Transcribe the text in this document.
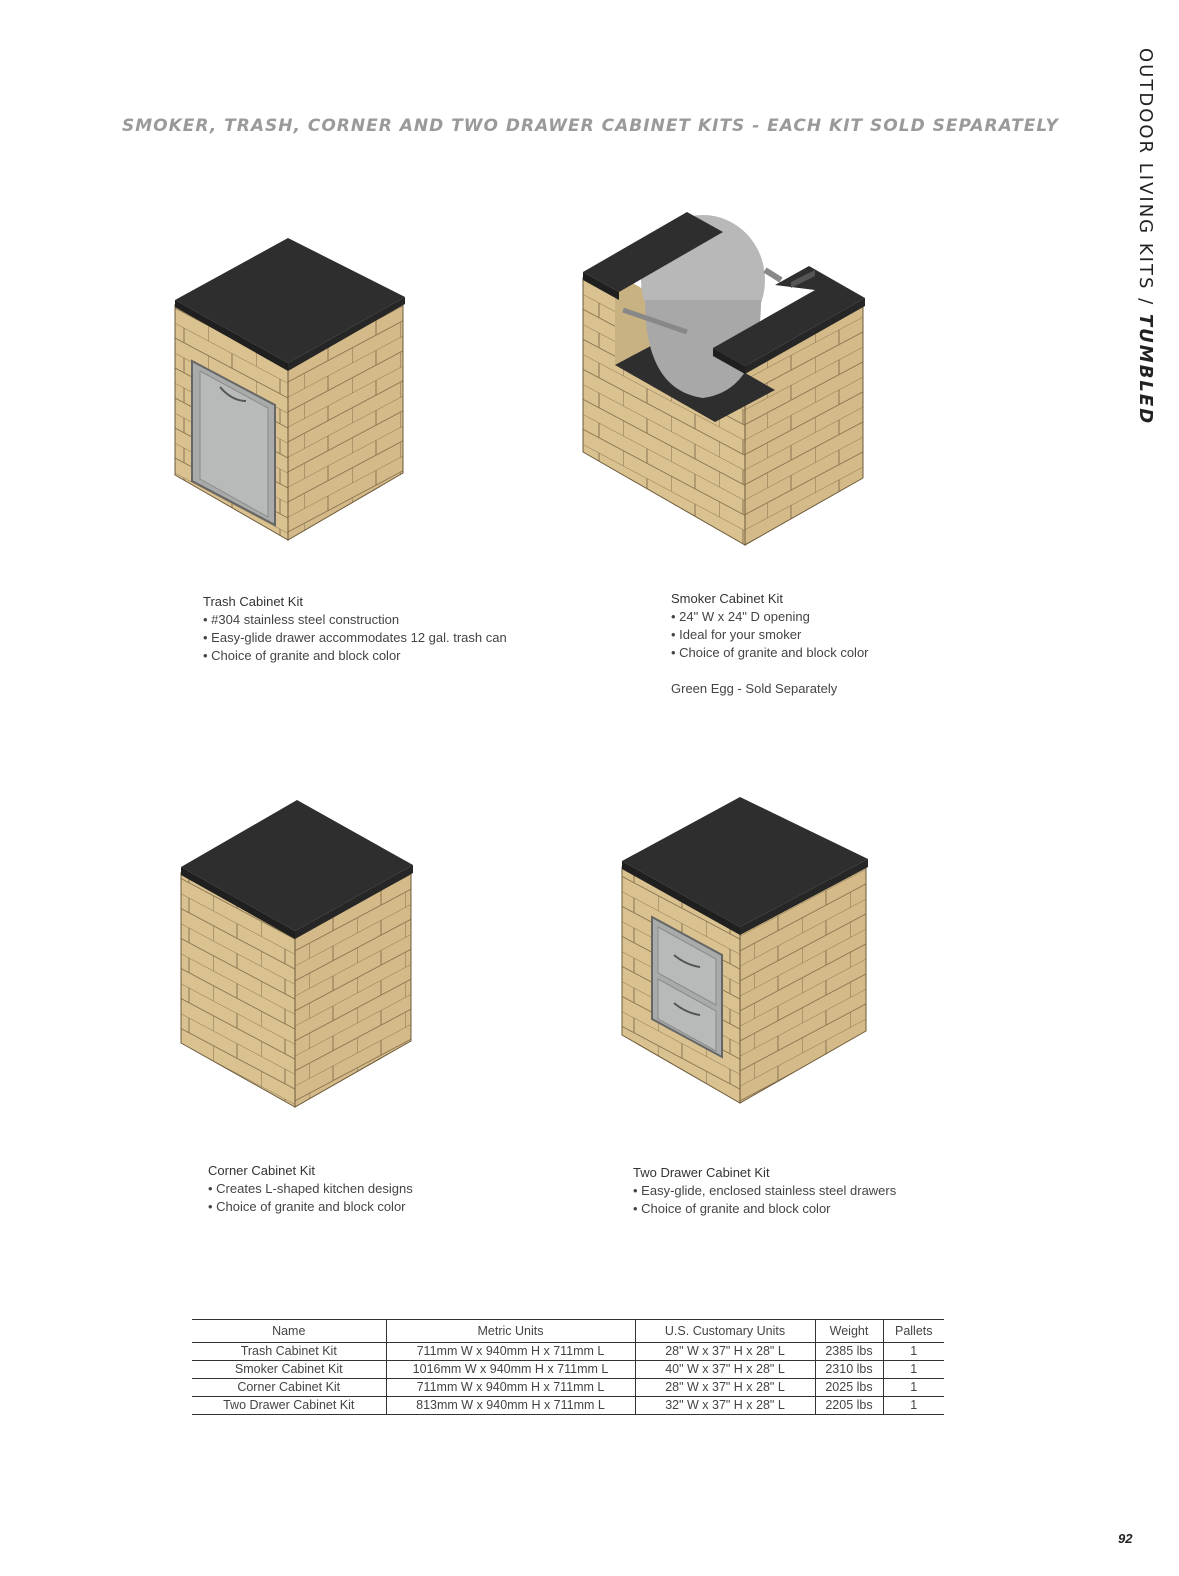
SMOKER, TRASH, CORNER AND TWO DRAWER CABINET KITS - EACH KIT SOLD SEPARATELY	OUTDOOR LIVING KITS / TUMBLED
Trash Cabinet Kit
• #304 stainless steel construction
• Easy-glide drawer accommodates 12 gal. trash can
• Choice of granite and block color
Smoker Cabinet Kit
• 24" W x 24" D opening
• Ideal for your smoker
• Choice of granite and block color
Green Egg - Sold Separately
Corner Cabinet Kit
• Creates L-shaped kitchen designs
• Choice of granite and block color
Two Drawer Cabinet Kit
• Easy-glide, enclosed stainless steel drawers
• Choice of granite and block color
Name	Metric Units	U.S. Customary Units	Weight	Pallets
Trash Cabinet Kit	711mm W x 940mm H x 711mm L	28" W x 37" H x 28" L	2385 lbs	1
Smoker Cabinet Kit	1016mm W x 940mm H x 711mm L	40" W x 37" H x 28" L	2310 lbs	1
Corner Cabinet Kit	711mm W x 940mm H x 711mm L	28" W x 37" H x 28" L	2025 lbs	1
Two Drawer Cabinet Kit	813mm W x 940mm H x 711mm L	32" W x 37" H x 28" L	2205 lbs	1
92
